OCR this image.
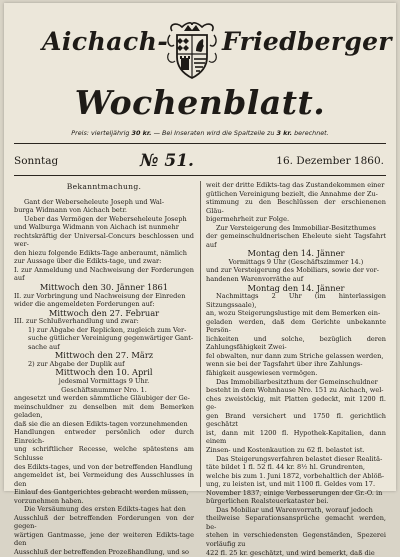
Aichach- Friedberger
Wochenblatt.
Preis: vierteljährig 30 kr. — Bei Inseraten wird die Spaltzeile zu 3 kr. berechnet.
Sonntag	№ 51.	16. Dezember 1860.

Bekanntmachung.

Gant der Weberseheleute Joseph und Wal-

burga Widmann von Aichach betr.

Ueber das Vermögen der Weberseheleute Joseph

und Walburga Widmann von Aichach ist nunmehr

rechtskräftig der Universal-Concurs beschlossen und wer-

den hiezu folgende Edikts-Tage anberaumt, nämlich

zur Aussage über die Edikts-tage, und zwar:

I. zur Anmeldung und Nachweisung der Forderungen auf

Mittwoch den 30. Jänner 1861

II. zur Vorbringung und Nachweisung der Einreden

wider die angemeldeten Forderungen auf:

Mittwoch den 27. Februar

III. zur Schlußverhandlung und zwar:

1) zur Abgabe der Replicken, zugleich zum Ver-

suche gütlicher Vereinigung gegenwärtiger Gant-

sache auf

Mittwoch den 27. März

2) zur Abgabe der Duplik auf

Mittwoch den 10. April

jedesmal Vormittags 9 Uhr.

Geschäftsnummer Nro. 1.

angesetzt und werden sämmtliche Gläubiger der Ge-

meinschuldner zu denselben mit dem Bemerken geladen,

daß sie die an diesen Edikts-tagen vorzunehmenden

Handlungen entweder persönlich oder durch Einreich-

ung schriftlicher Recesse, welche spätestens am Schlusse

des Edikts-tages, und von der betreffenden Handlung

angemeldet ist, bei Vermeidung des Ausschlusses in den

Einlauf des Gantgerichtes gebracht werden müssen,

vorzunehmen haben.

Die Versäumung des ersten Edikts-tages hat den

Ausschluß der betreffenden Forderungen von der gegen-

wärtigen Gantmasse, jene der weiteren Edikts-tage den

Ausschluß der betreffenden Prozeßhandlung, und so

weit der dritte Edikts-tag das Zustandekommen einer

gütlichen Vereinigung bezielt, die Annahme der Zu-

stimmung zu den Beschlüssen der erschienenen Gläu-

bigermehrheit zur Folge.

Zur Versteigerung des Immobiliar-Besitzthumes

der gemeinschuldnerischen Eheleute sieht Tagsfahrt auf

Montag den 14. Jänner

Vormittags 9 Uhr (Geschäftszimmer 14.)

und zur Versteigerung des Mobiliars, sowie der vor-

handenen Warenvorräthe auf

Montag den 14. Jänner

Nachmittags 2 Uhr (im hinterlassigen Sitzungssaale),

an, wozu Steigerungslustige mit dem Bemerken ein-

geladen werden, daß dem Gerichte unbekannte Persön-

lichkeiten und solche, bezüglich deren Zahlungsfähigkeit Zwei-

fel obwalten, nur dann zum Striche gelassen werden,

wenn sie bei der Tagsfahrt über ihre Zahlungs-

fähigkeit ausgewiesen vermögen.

Das Immobiliarbesitzthum der Gemeinschuldner

besteht in dem Wohnhause Nro. 151 zu Aichach, wel-

ches zweistöckig, mit Platten gedeckt, mit 1200 fl. ge-

gen Brand versichert und 1750 fl. gerichtlich geschätzt

ist, dann mit 1200 fl. Hypothek-Kapitalien, dann einem

Zinsen- und Kostenkaution zu 62 fl. belastet ist.

Das Steigerungsverfahren belastet dieser Realitä-

täte bildet 1 fl. 52 fl. 44 kr. 8½ hl. Grundrenten,

welche bis zum 1. Juni 1872, vorbehaltlich der Ablöß-

ung, zu leisten ist, und mit 1100 fl. Geldes vom 17.

November 1837, einige Verbesserungen der Gr.-O. in

bürgerlichen Realsteuerkataster bei.

Das Mobiliar und Warenvorrath, worauf jedoch

theilweise Separationsansprüche gemacht werden, be-

stehen in verschiedensten Gegenständen, Spezerei vorläufig zu

422 fl. 25 kr. geschätzt, und wird bemerkt, daß die
